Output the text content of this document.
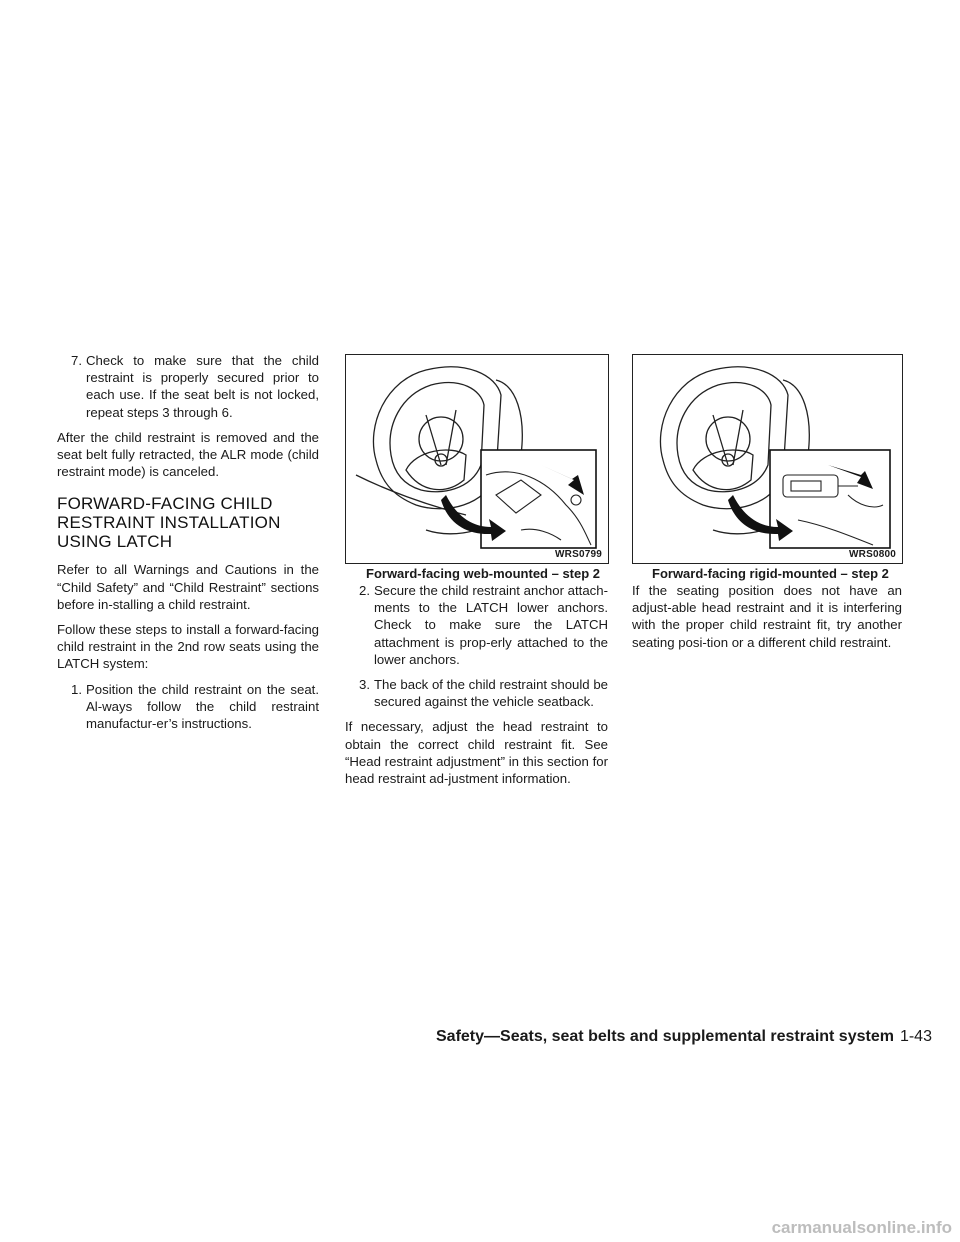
7. Check to make sure that the child restraint is properly secured prior to each use. If the seat belt is not locked, repeat steps 3 through 6.

After the child restraint is removed and the seat belt fully retracted, the ALR mode (child restraint mode) is canceled.

FORWARD-FACING CHILD RESTRAINT INSTALLATION USING LATCH

Refer to all Warnings and Cautions in the “Child Safety” and “Child Restraint” sections before in-stalling a child restraint.

Follow these steps to install a forward-facing child restraint in the 2nd row seats using the LATCH system:

1. Position the child restraint on the seat. Al-ways follow the child restraint manufactur-er’s instructions.
WRS0799
Forward-facing web-mounted – step 2
WRS0800
Forward-facing rigid-mounted – step 2
2. Secure the child restraint anchor attach-ments to the LATCH lower anchors. Check to make sure the LATCH attachment is prop-erly attached to the lower anchors.
3. The back of the child restraint should be secured against the vehicle seatback.

If necessary, adjust the head restraint to obtain the correct child restraint fit. See “Head restraint adjustment” in this section for head restraint ad-justment information.

If the seating position does not have an adjust-able head restraint and it is interfering with the proper child restraint fit, try another seating posi-tion or a different child restraint.

Safety—Seats, seat belts and supplemental restraint system 1-43
carmanualsonline.info
